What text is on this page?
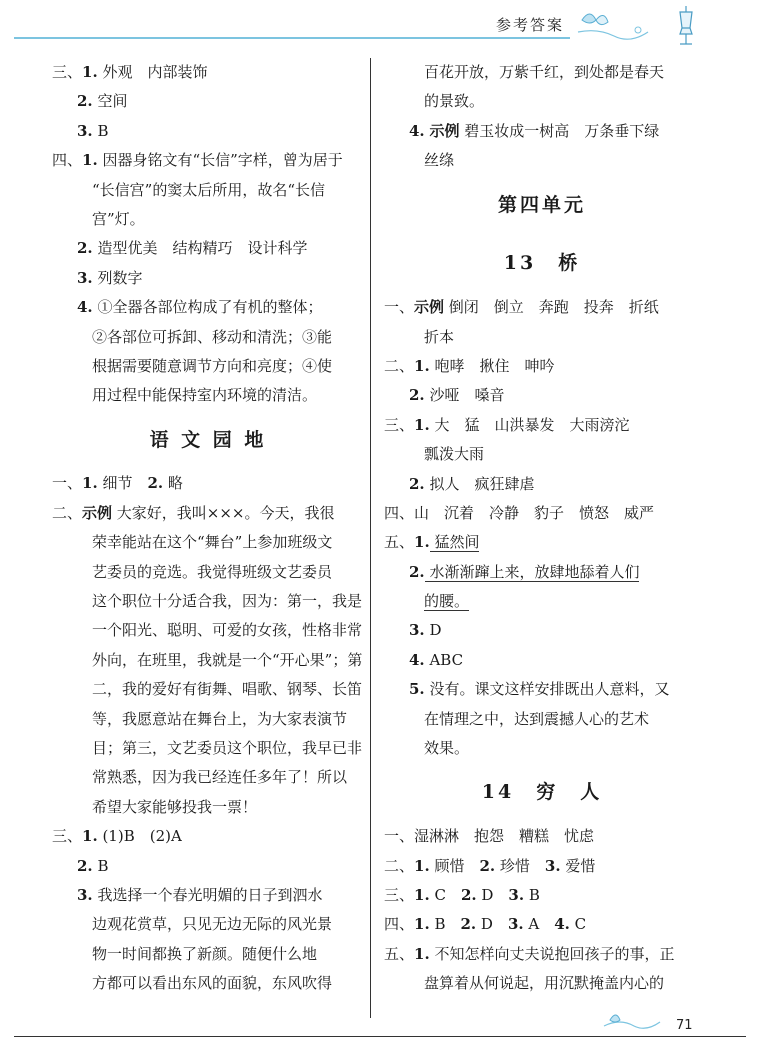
参考答案
三、1. 外观　内部装饰
2. 空间
3. B
四、1. 因器身铭文有“长信”字样，曾为居于
“长信宫”的窦太后所用，故名“长信
宫”灯。
2. 造型优美　结构精巧　设计科学
3. 列数字
4. ①全器各部位构成了有机的整体；
②各部位可拆卸、移动和清洗；③能
根据需要随意调节方向和亮度；④使
用过程中能保持室内环境的清洁。
语 文 园 地
一、1. 细节　2. 略
二、示例 大家好，我叫×××。今天，我很
荣幸能站在这个“舞台”上参加班级文
艺委员的竞选。我觉得班级文艺委员
这个职位十分适合我，因为：第一，我是
一个阳光、聪明、可爱的女孩，性格非常
外向，在班里，我就是一个“开心果”；第
二，我的爱好有街舞、唱歌、钢琴、长笛
等，我愿意站在舞台上，为大家表演节
目；第三，文艺委员这个职位，我早已非
常熟悉，因为我已经连任多年了！所以
希望大家能够投我一票！
三、1. (1)B　(2)A
2. B
3. 我选择一个春光明媚的日子到泗水
边观花赏草，只见无边无际的风光景
物一时间都换了新颜。随便什么地
方都可以看出东风的面貌，东风吹得
百花开放，万紫千红，到处都是春天
的景致。
4. 示例 碧玉妆成一树高　万条垂下绿
丝绦
第四单元
13　桥
一、示例 倒闭　倒立　奔跑　投奔　折纸
折本
二、1. 咆哮　揪住　呻吟
2. 沙哑　嗓音
三、1. 大　猛　山洪暴发　大雨滂沱
瓢泼大雨
2. 拟人　疯狂肆虐
四、山　沉着　冷静　豹子　愤怒　威严
五、1. 猛然间
2. 水渐渐蹿上来，放肆地舔着人们
的腰。
3. D
4. ABC
5. 没有。课文这样安排既出人意料，又
在情理之中，达到震撼人心的艺术
效果。
14　穷　人
一、湿淋淋　抱怨　糟糕　忧虑
二、1. 顾惜　2. 珍惜　3. 爱惜
三、1. C　2. D　3. B
四、1. B　2. D　3. A　4. C
五、1. 不知怎样向丈夫说抱回孩子的事，正
盘算着从何说起，用沉默掩盖内心的
71
